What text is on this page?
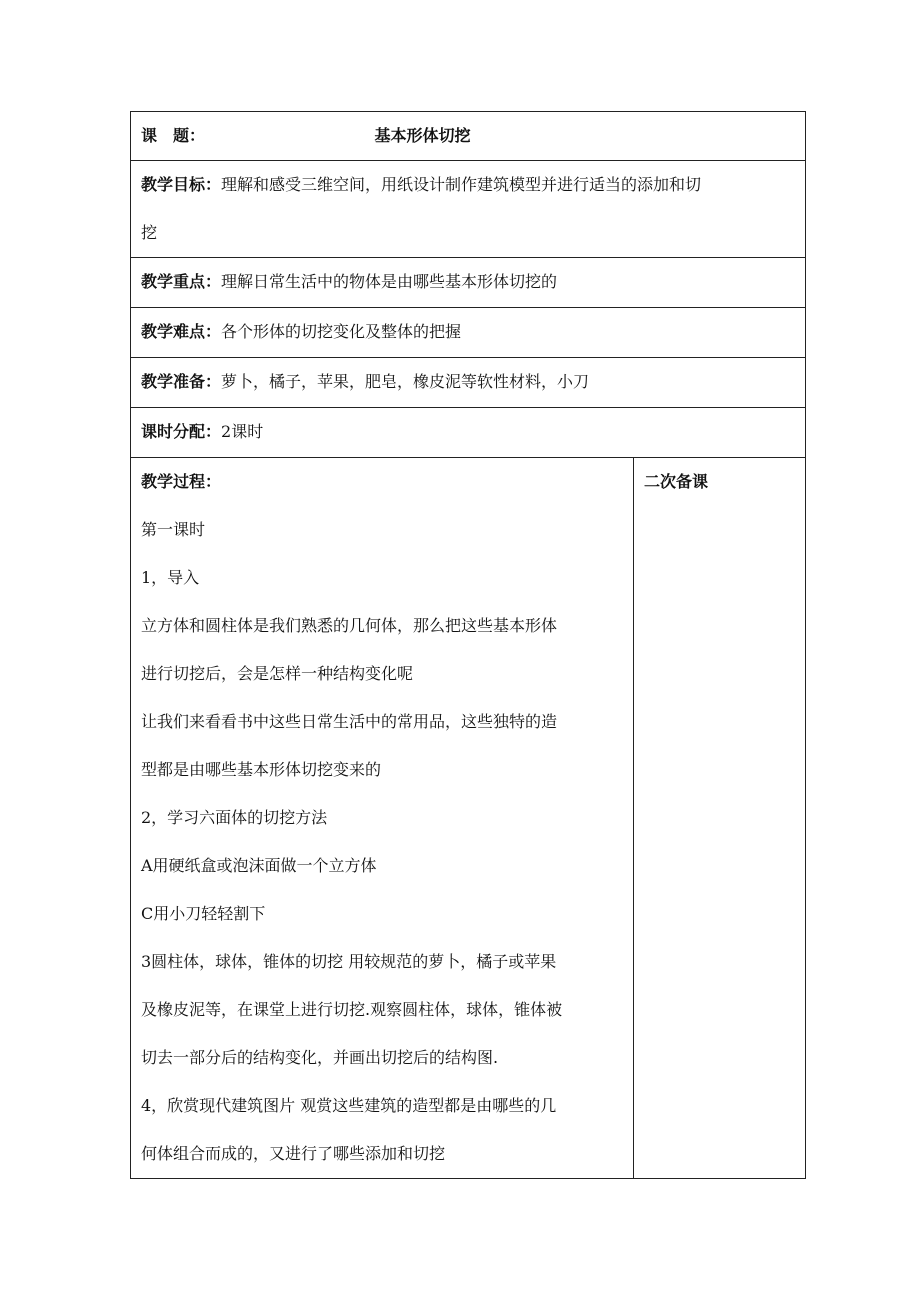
课　题：	基本形体切挖

教学目标：理解和感受三维空间，用纸设计制作建筑模型并进行适当的添加和切
挖

教学重点：理解日常生活中的物体是由哪些基本形体切挖的
教学难点：各个形体的切挖变化及整体的把握
教学准备：萝卜，橘子，苹果，肥皂，橡皮泥等软性材料，小刀
课时分配：2课时

教学过程：
第一课时
1，导入
立方体和圆柱体是我们熟悉的几何体，那么把这些基本形体
进行切挖后，会是怎样一种结构变化呢
让我们来看看书中这些日常生活中的常用品，这些独特的造
型都是由哪些基本形体切挖变来的
2，学习六面体的切挖方法
A用硬纸盒或泡沫面做一个立方体
C用小刀轻轻割下
3圆柱体，球体，锥体的切挖 用较规范的萝卜，橘子或苹果
及橡皮泥等，在课堂上进行切挖.观察圆柱体，球体，锥体被
切去一部分后的结构变化，并画出切挖后的结构图.
4，欣赏现代建筑图片 观赏这些建筑的造型都是由哪些的几
何体组合而成的，又进行了哪些添加和切挖

二次备课
